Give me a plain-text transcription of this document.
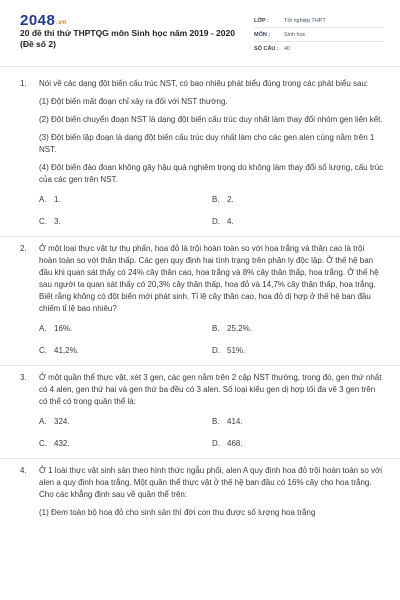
2048.vn
20 đề thi thử THPTQG môn Sinh học năm 2019 - 2020 (Đề số 2)
LỚP :	Tốt nghiệp THPT
MÔN :	Sinh học
SỐ CÂU : 40
1. Nói về các dạng đột biến cấu trúc NST, có bao nhiêu phát biểu đúng trong các phát biểu sau:

(1) Đột biến mất đoạn chỉ xảy ra đối với NST thường.

(2) Đột biến chuyển đoạn NST là dạng đột biến cấu trúc duy nhất làm thay đổi nhóm gen liên kết.

(3) Đột biến lặp đoạn là dạng đột biến cấu trúc duy nhất làm cho các gen alen cùng nằm trên 1 NST.

(4) Đột biến đảo đoạn không gây hậu quả nghiêm trọng do không làm thay đổi số lượng, cấu trúc của các gen trên NST.

A. 1.	B. 2.
C. 3.	D. 4.
2. Ở một loại thực vật tự thụ phấn, hoa đỏ là trội hoàn toàn so với hoa trắng và thân cao là trội hoàn toàn so với thân thấp. Các gen quy định hai tính trạng trên phân ly độc lập. Ở thế hệ ban đầu khi quan sát thấy có 24% cây thân cao, hoa trắng và 8% cây thân thấp, hoa trắng. Ở thế hệ sau người ta quan sát thấy có 20,3% cây thân thấp, hoa đỏ và 14,7% cây thân thấp, hoa trắng. Biết rằng không có đột biến mới phát sinh. Tỉ lệ cây thân cao, hoa đỏ dị hợp ở thế hệ ban đầu chiếm tỉ lệ bao nhiêu?

A. 16%.	B. 25,2%.
C. 41,2%.	D. 51%.
3. Ở một quần thể thực vật, xét 3 gen, các gen nằm trên 2 cặp NST thường, trong đó, gen thứ nhất có 4 alen, gen thứ hai và gen thứ ba đều có 3 alen. Số loại kiểu gen dị hợp tối đa về 3 gen trên có thể có trong quần thể là:

A. 324.	B. 414.
C. 432.	D. 468.
4. Ở 1 loài thực vật sinh sản theo hình thức ngẫu phối, alen A quy định hoa đỏ trội hoàn toàn so với alen a quy định hoa trắng. Một quần thể thực vật ở thế hệ ban đầu có 16% cây cho hoa trắng. Cho các khẳng định sau về quần thể trên:

(1) Đem toàn bộ hoa đỏ cho sinh sản thì đời con thu được số lượng hoa trắng
